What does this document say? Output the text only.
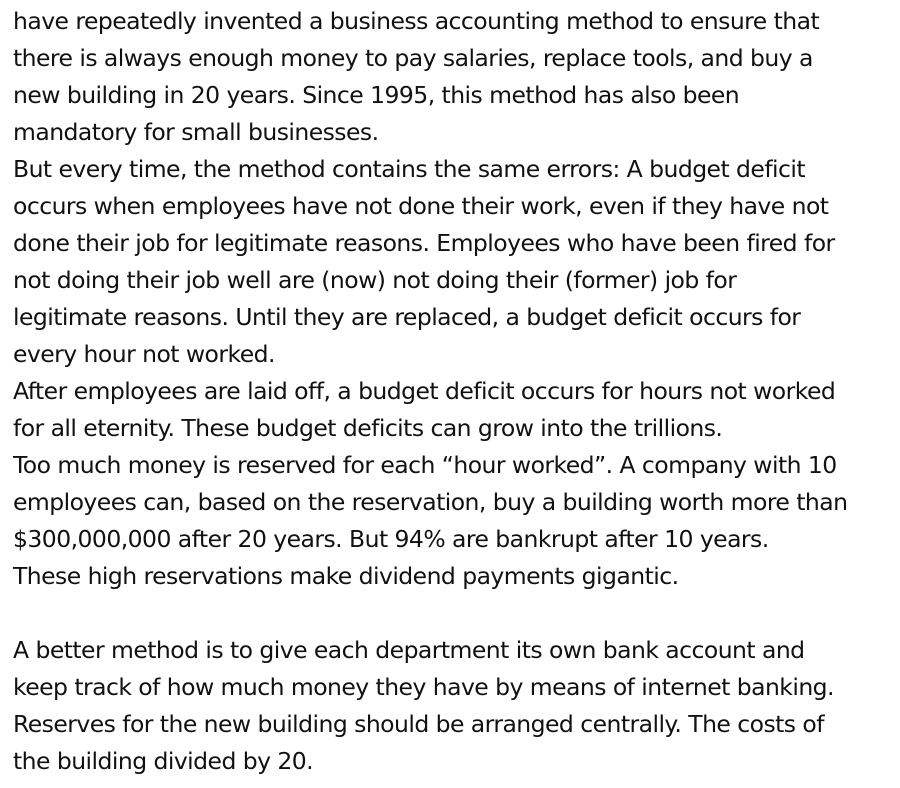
have repeatedly invented a business accounting method to ensure that
there is always enough money to pay salaries, replace tools, and buy a
new building in 20 years. Since 1995, this method has also been
mandatory for small businesses.
But every time, the method contains the same errors: A budget deficit
occurs when employees have not done their work, even if they have not
done their job for legitimate reasons. Employees who have been fired for
not doing their job well are (now) not doing their (former) job for
legitimate reasons. Until they are replaced, a budget deficit occurs for
every hour not worked.
After employees are laid off, a budget deficit occurs for hours not worked
for all eternity. These budget deficits can grow into the trillions.
Too much money is reserved for each “hour worked”. A company with 10
employees can, based on the reservation, buy a building worth more than
$300,000,000 after 20 years. But 94% are bankrupt after 10 years.
These high reservations make dividend payments gigantic.
A better method is to give each department its own bank account and
keep track of how much money they have by means of internet banking.
Reserves for the new building should be arranged centrally. The costs of
the building divided by 20.
